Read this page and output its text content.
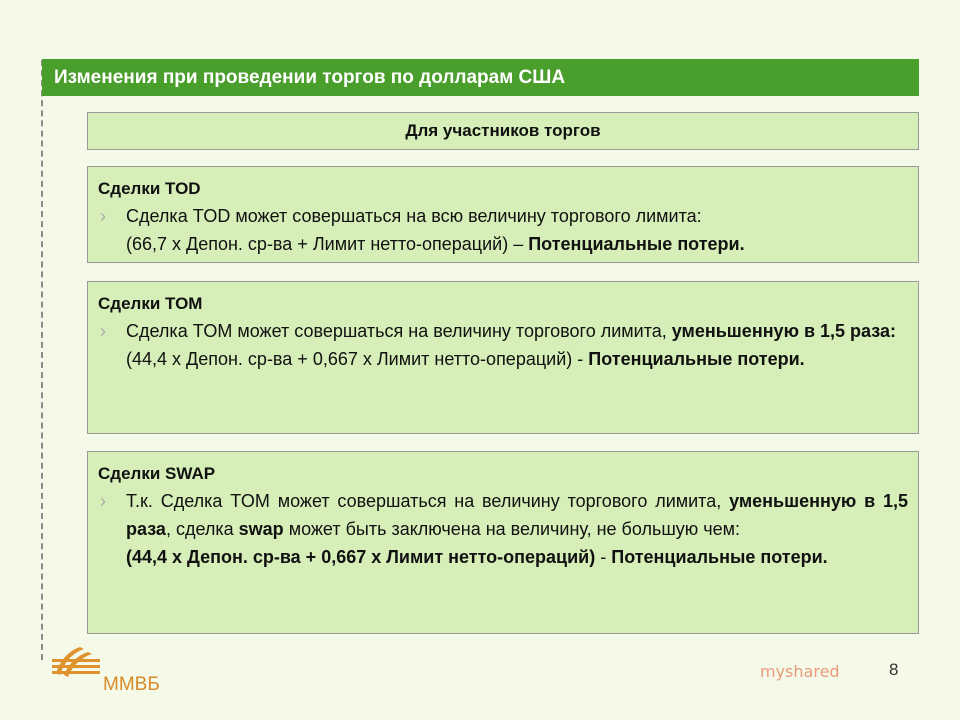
Изменения при проведении торгов по долларам США
Для участников торгов
Сделки TOD
› Сделка TOD может совершаться на всю величину торгового лимита:

(66,7 х Депон. ср-ва + Лимит нетто-операций) – Потенциальные потери.

Сделки TOM
› Сделка TOM может совершаться на величину торгового лимита, уменьшенную в 1,5 раза:

(44,4 х Депон. ср-ва + 0,667 х Лимит нетто-операций) - Потенциальные потери.

Сделки SWAP
› Т.к. Сделка TOM может совершаться на величину торгового лимита, уменьшенную в 1,5 раза, сделка swap может быть заключена на величину, не большую чем:

(44,4 х Депон. ср-ва + 0,667 х Лимит нетто-операций) - Потенциальные потери.

ММВБ
myshared	8
